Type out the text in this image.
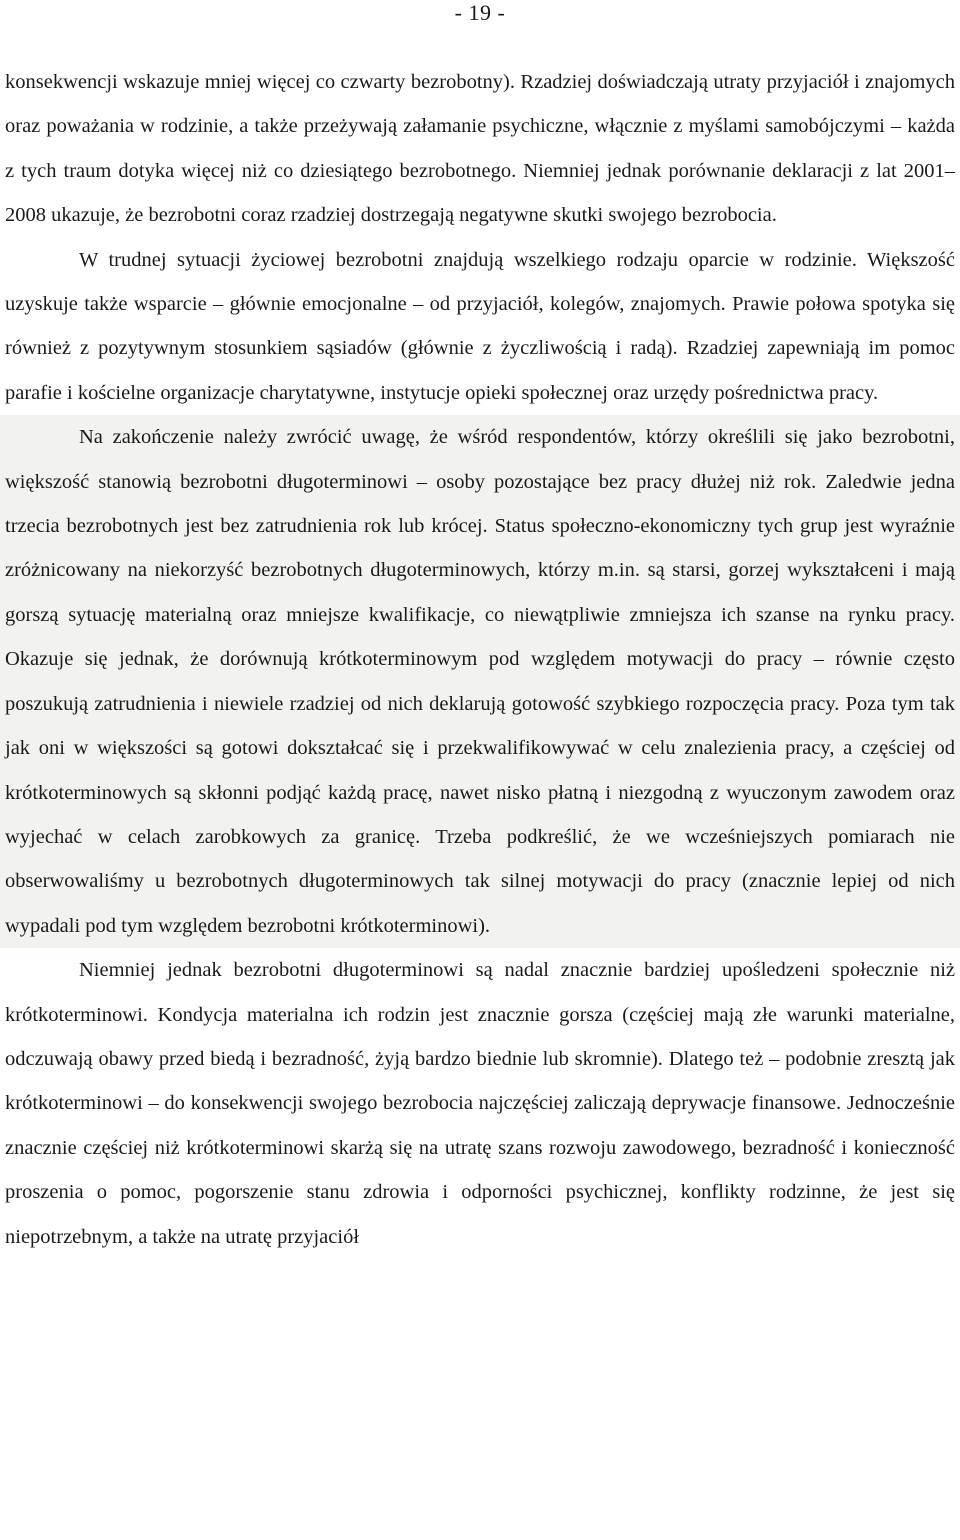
- 19 -

konsekwencji wskazuje mniej więcej co czwarty bezrobotny). Rzadziej doświadczają utraty przyjaciół i znajomych oraz poważania w rodzinie, a także przeżywają załamanie psychiczne, włącznie z myślami samobójczymi – każda z tych traum dotyka więcej niż co dziesiątego bezrobotnego. Niemniej jednak porównanie deklaracji z lat 2001–2008 ukazuje, że bezrobotni coraz rzadziej dostrzegają negatywne skutki swojego bezrobocia.

W trudnej sytuacji życiowej bezrobotni znajdują wszelkiego rodzaju oparcie w rodzinie. Większość uzyskuje także wsparcie – głównie emocjonalne – od przyjaciół, kolegów, znajomych. Prawie połowa spotyka się również z pozytywnym stosunkiem sąsiadów (głównie z życzliwością i radą). Rzadziej zapewniają im pomoc parafie i kościelne organizacje charytatywne, instytucje opieki społecznej oraz urzędy pośrednictwa pracy.

Na zakończenie należy zwrócić uwagę, że wśród respondentów, którzy określili się jako bezrobotni, większość stanowią bezrobotni długoterminowi – osoby pozostające bez pracy dłużej niż rok. Zaledwie jedna trzecia bezrobotnych jest bez zatrudnienia rok lub krócej. Status społeczno-ekonomiczny tych grup jest wyraźnie zróżnicowany na niekorzyść bezrobotnych długoterminowych, którzy m.in. są starsi, gorzej wykształceni i mają gorszą sytuację materialną oraz mniejsze kwalifikacje, co niewątpliwie zmniejsza ich szanse na rynku pracy. Okazuje się jednak, że dorównują krótkoterminowym pod względem motywacji do pracy – równie często poszukują zatrudnienia i niewiele rzadziej od nich deklarują gotowość szybkiego rozpoczęcia pracy. Poza tym tak jak oni w większości są gotowi dokształcać się i przekwalifikowywać w celu znalezienia pracy, a częściej od krótkoterminowych są skłonni podjąć każdą pracę, nawet nisko płatną i niezgodną z wyuczonym zawodem oraz wyjechać w celach zarobkowych za granicę. Trzeba podkreślić, że we wcześniejszych pomiarach nie obserwowaliśmy u bezrobotnych długoterminowych tak silnej motywacji do pracy (znacznie lepiej od nich wypadali pod tym względem bezrobotni krótkoterminowi).

Niemniej jednak bezrobotni długoterminowi są nadal znacznie bardziej upośledzeni społecznie niż krótkoterminowi. Kondycja materialna ich rodzin jest znacznie gorsza (częściej mają złe warunki materialne, odczuwają obawy przed biedą i bezradność, żyją bardzo biednie lub skromnie). Dlatego też – podobnie zresztą jak krótkoterminowi – do konsekwencji swojego bezrobocia najczęściej zaliczają deprywacje finansowe. Jednocześnie znacznie częściej niż krótkoterminowi skarżą się na utratę szans rozwoju zawodowego, bezradność i konieczność proszenia o pomoc, pogorszenie stanu zdrowia i odporności psychicznej, konflikty rodzinne, że jest się niepotrzebnym, a także na utratę przyjaciół
